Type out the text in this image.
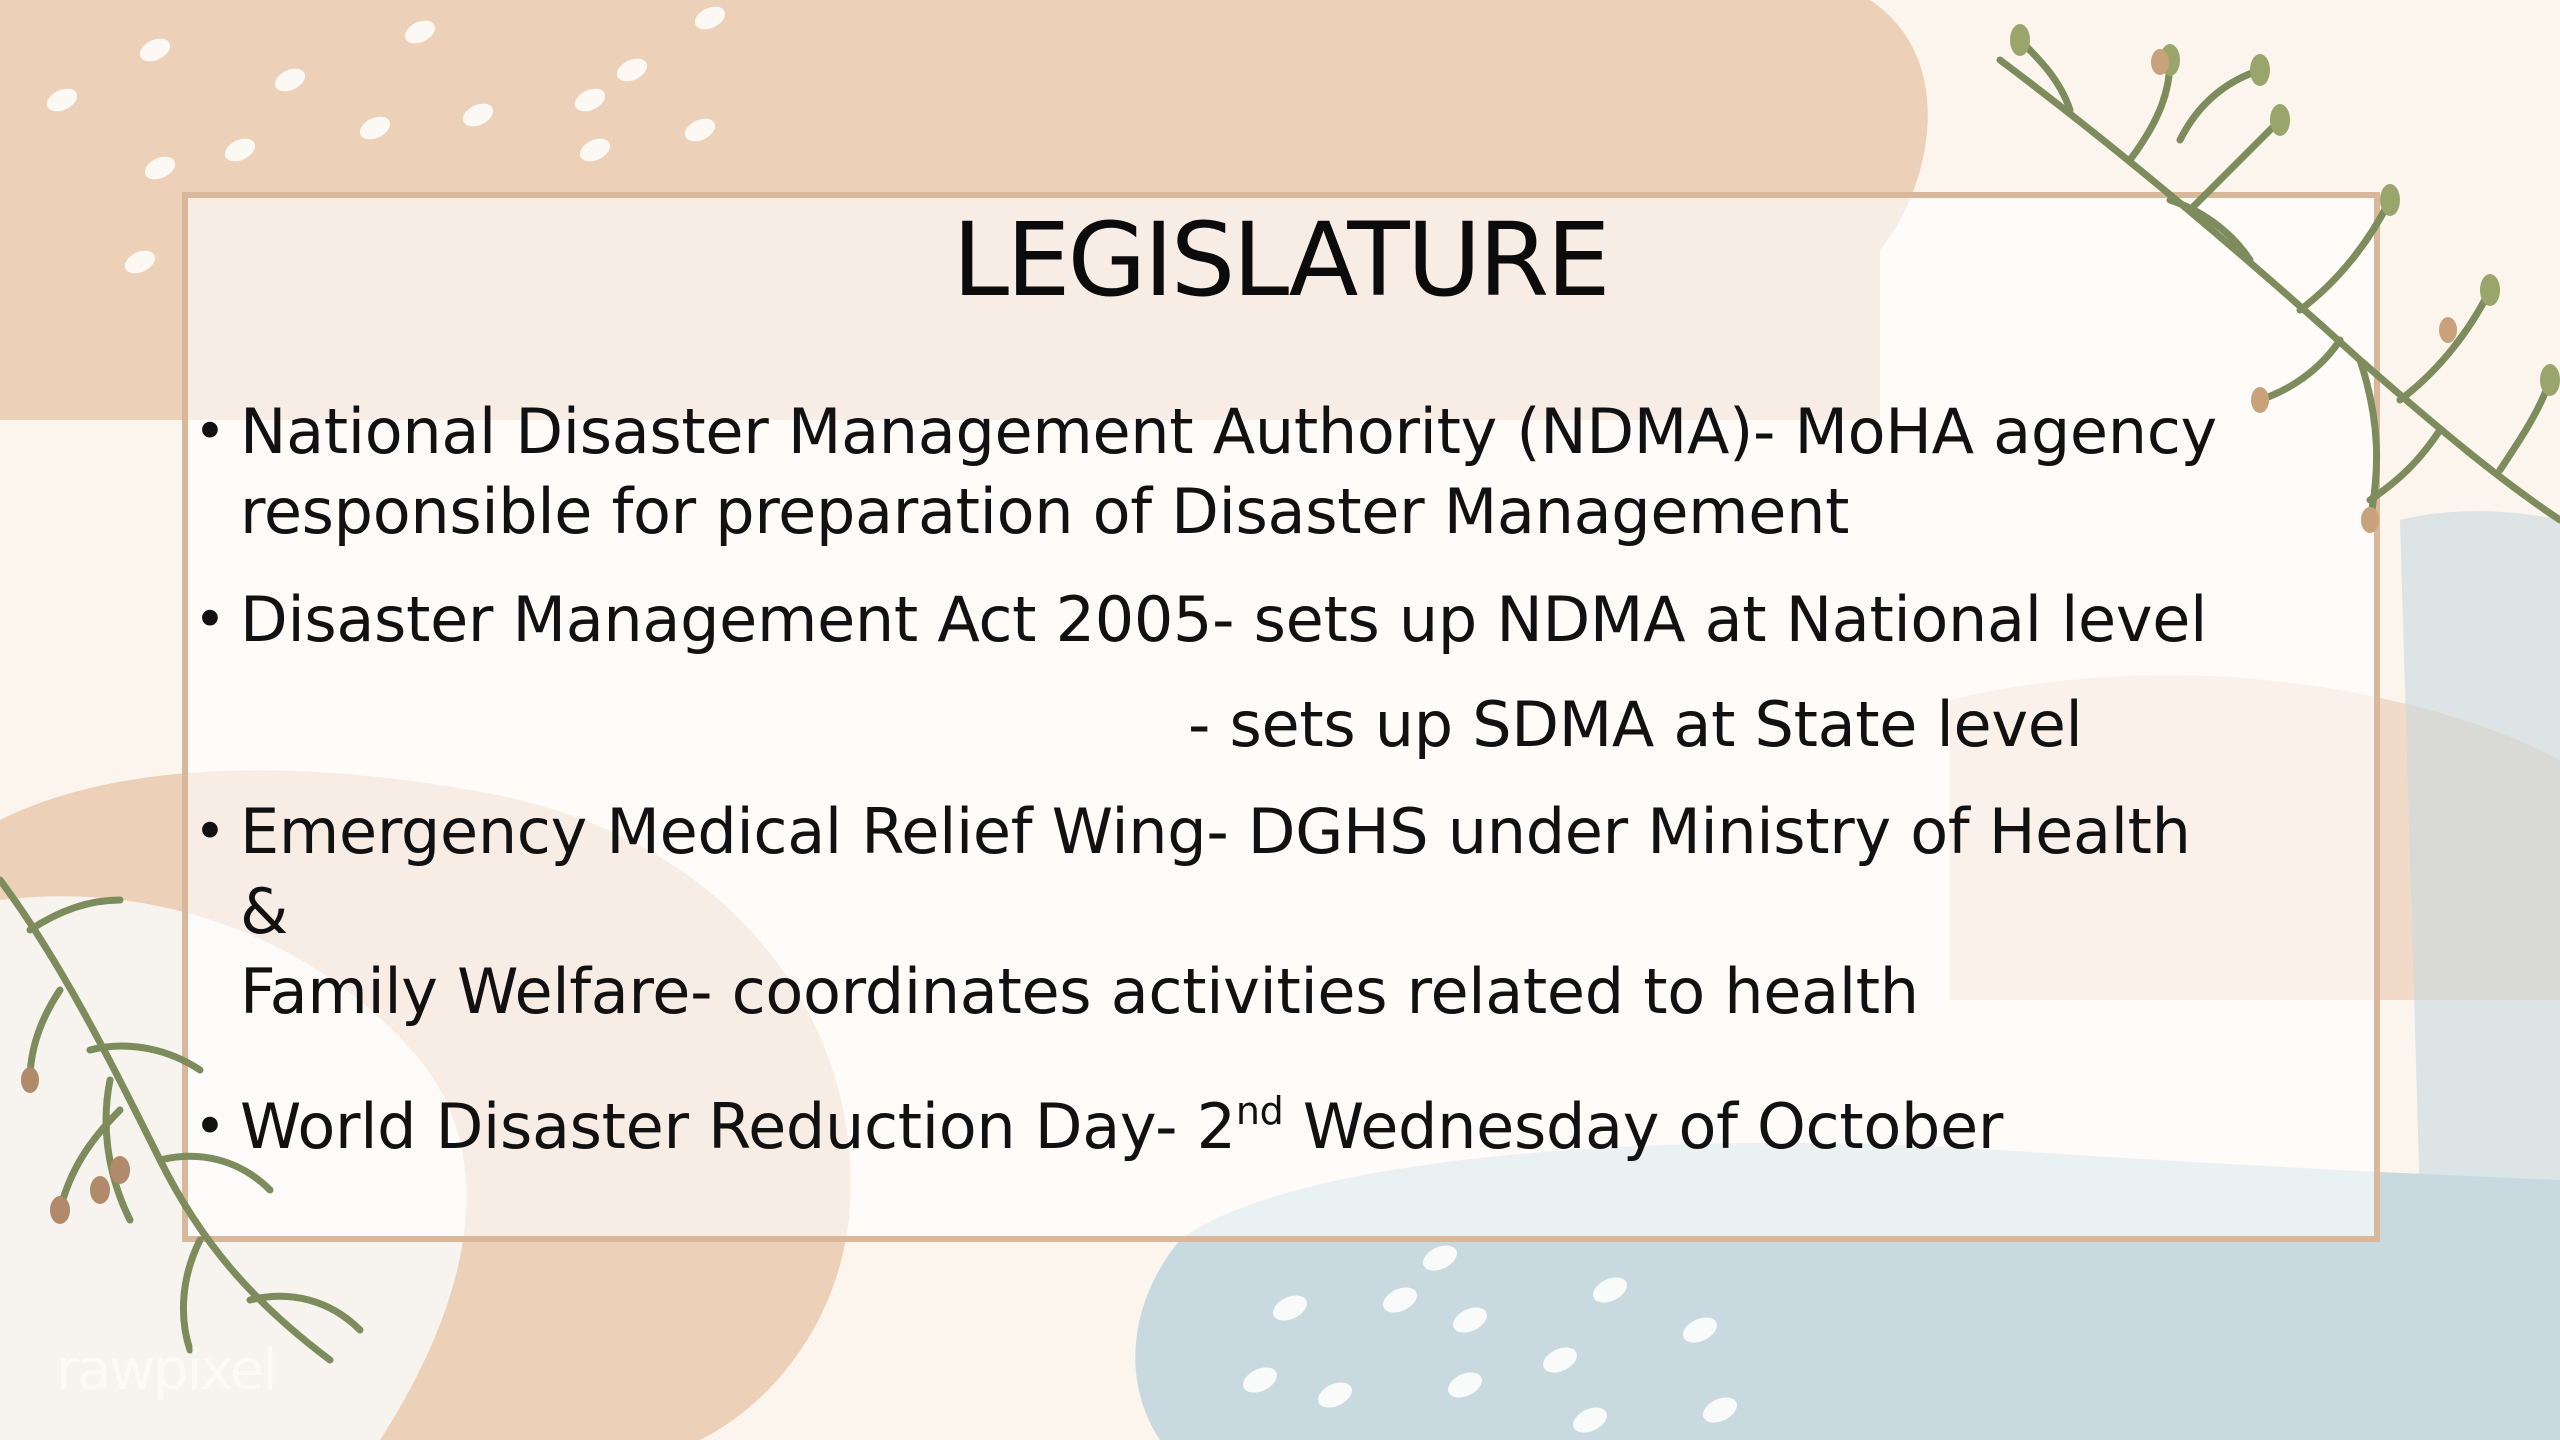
LEGISLATURE
• National Disaster Management Authority (NDMA)- MoHA agency
responsible for preparation of Disaster Management
• Disaster Management Act 2005- sets up NDMA at National level
- sets up SDMA at State level
• Emergency Medical Relief Wing- DGHS under Ministry of Health &
Family Welfare- coordinates activities related to health
• World Disaster Reduction Day- 2nd Wednesday of October
rawpixel
